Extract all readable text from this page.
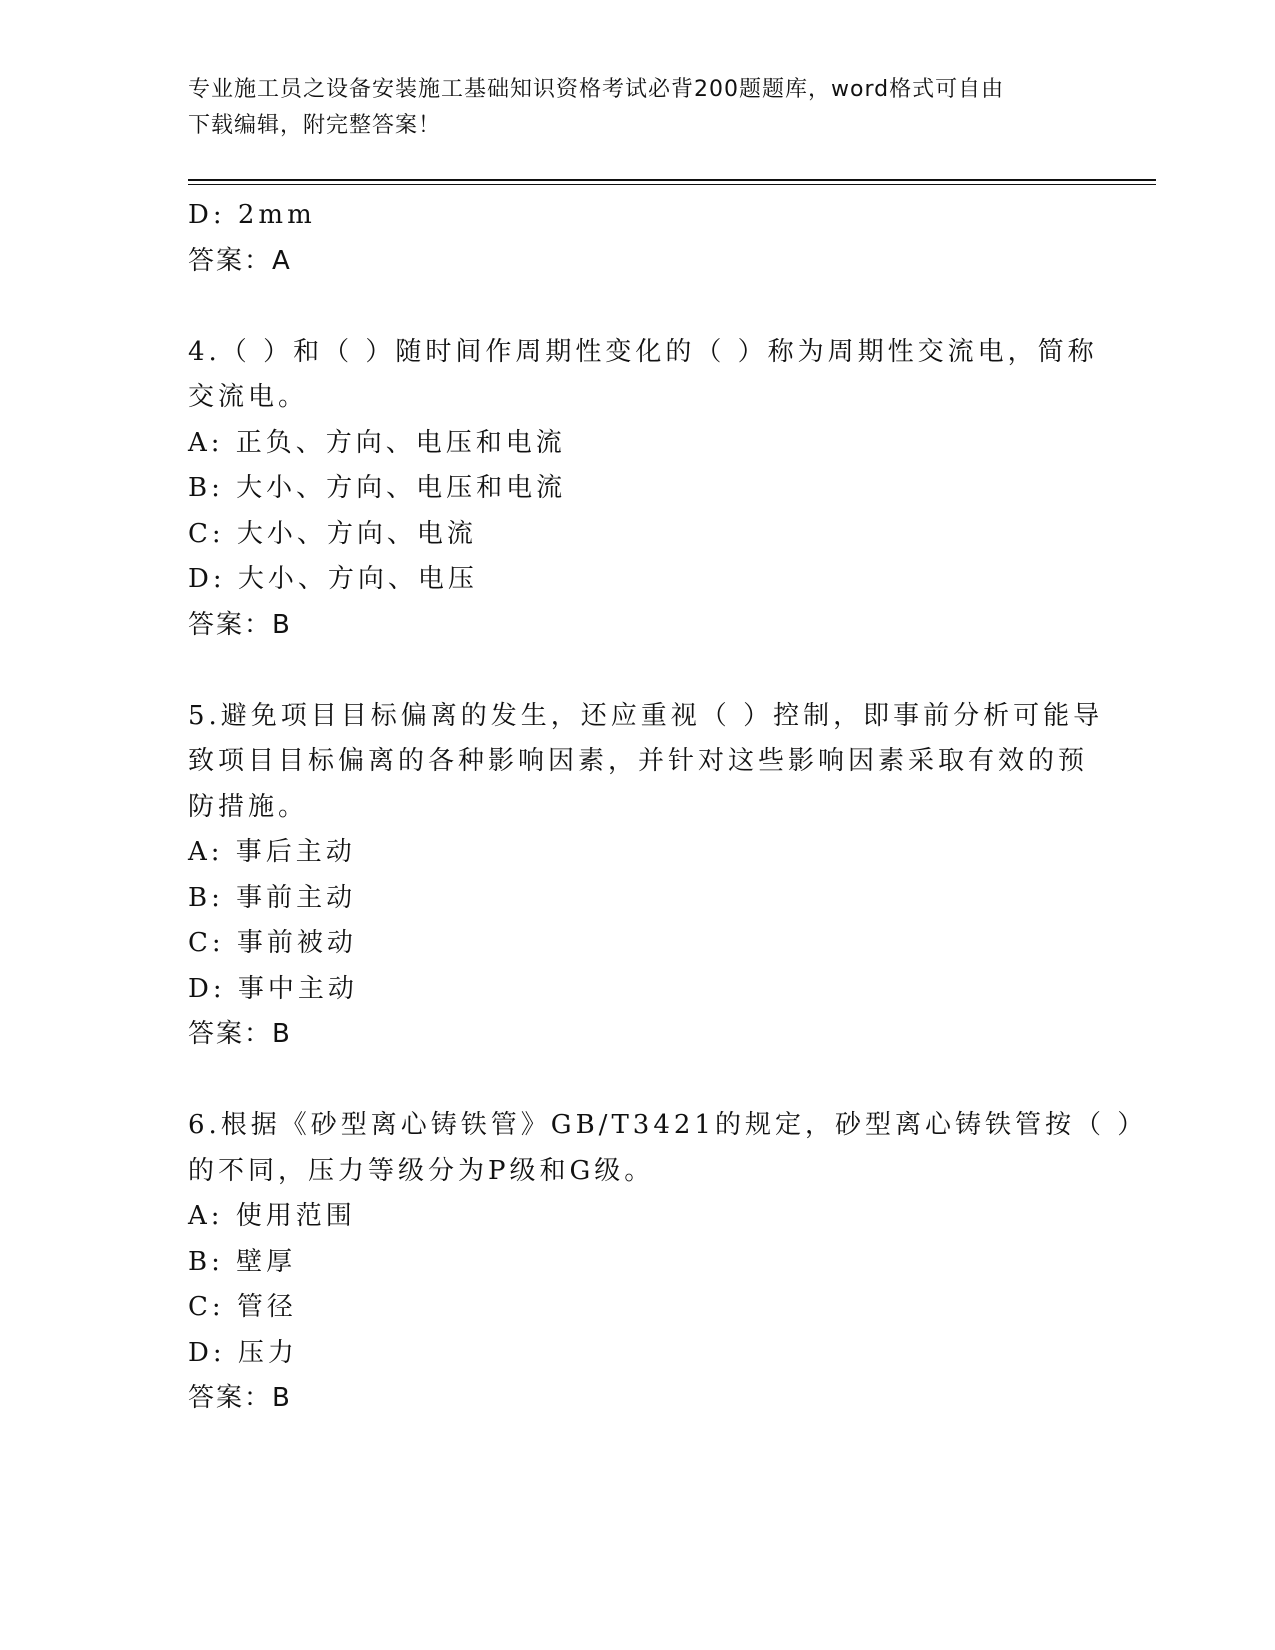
专业施工员之设备安装施工基础知识资格考试必背200题题库，word格式可自由
下载编辑，附完整答案！
D: 2mm
答案：A
4.（ ）和（ ）随时间作周期性变化的（ ）称为周期性交流电，简称
交流电。
A: 正负、方向、电压和电流
B: 大小、方向、电压和电流
C: 大小、方向、电流
D: 大小、方向、电压
答案：B
5.避免项目目标偏离的发生，还应重视（ ）控制，即事前分析可能导
致项目目标偏离的各种影响因素，并针对这些影响因素采取有效的预
防措施。
A: 事后主动
B: 事前主动
C: 事前被动
D: 事中主动
答案：B
6.根据《砂型离心铸铁管》GB/T3421的规定，砂型离心铸铁管按（ ）
的不同，压力等级分为P级和G级。
A: 使用范围
B: 壁厚
C: 管径
D: 压力
答案：B
